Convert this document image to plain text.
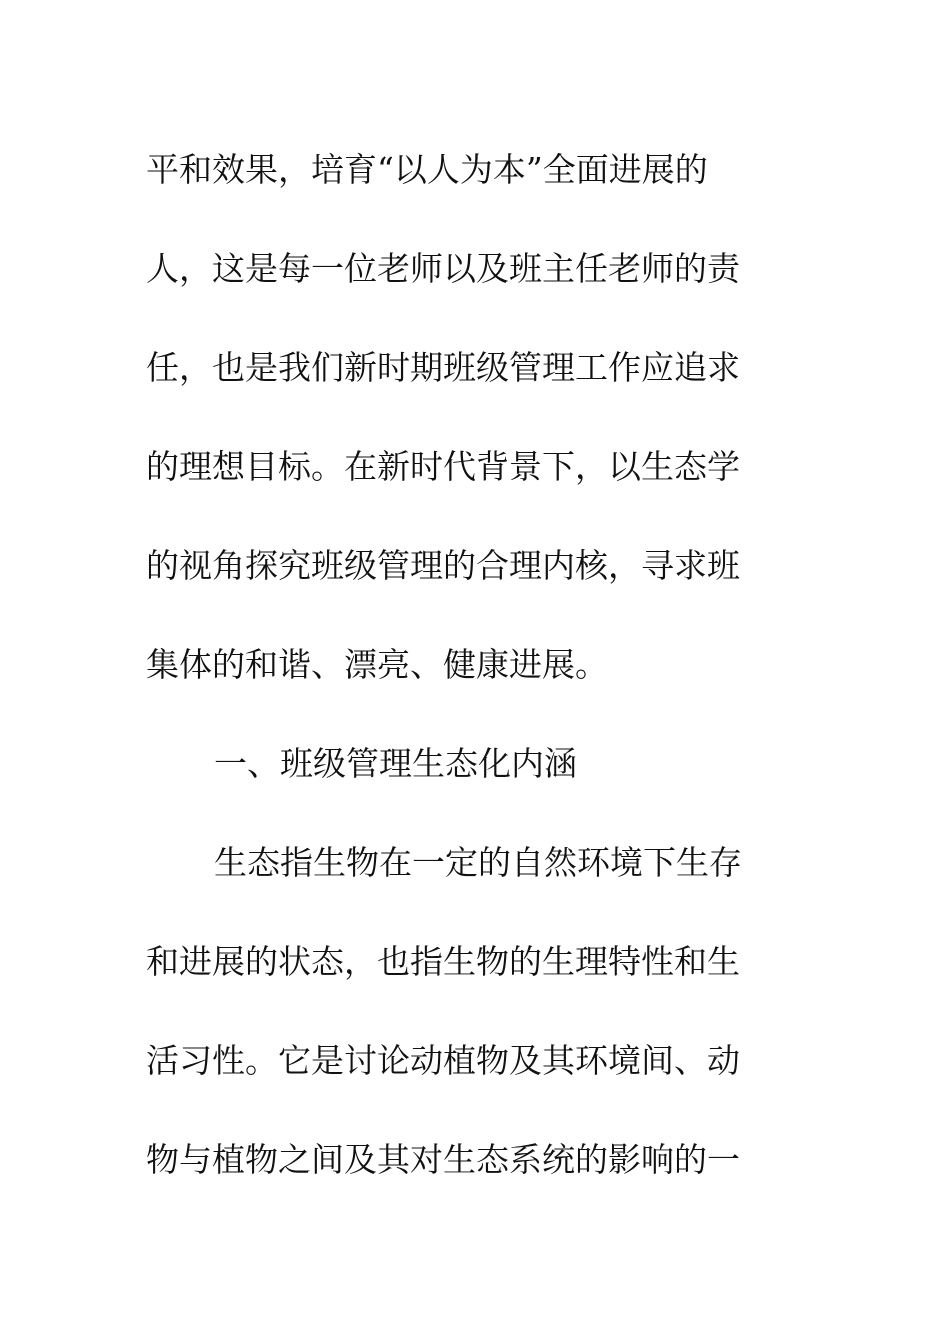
平和效果，培育“以人为本”全面进展的
人，这是每一位老师以及班主任老师的责
任，也是我们新时期班级管理工作应追求
的理想目标。在新时代背景下，以生态学
的视角探究班级管理的合理内核，寻求班
集体的和谐、漂亮、健康进展。
一、班级管理生态化内涵
生态指生物在一定的自然环境下生存
和进展的状态，也指生物的生理特性和生
活习性。它是讨论动植物及其环境间、动
物与植物之间及其对生态系统的影响的一
